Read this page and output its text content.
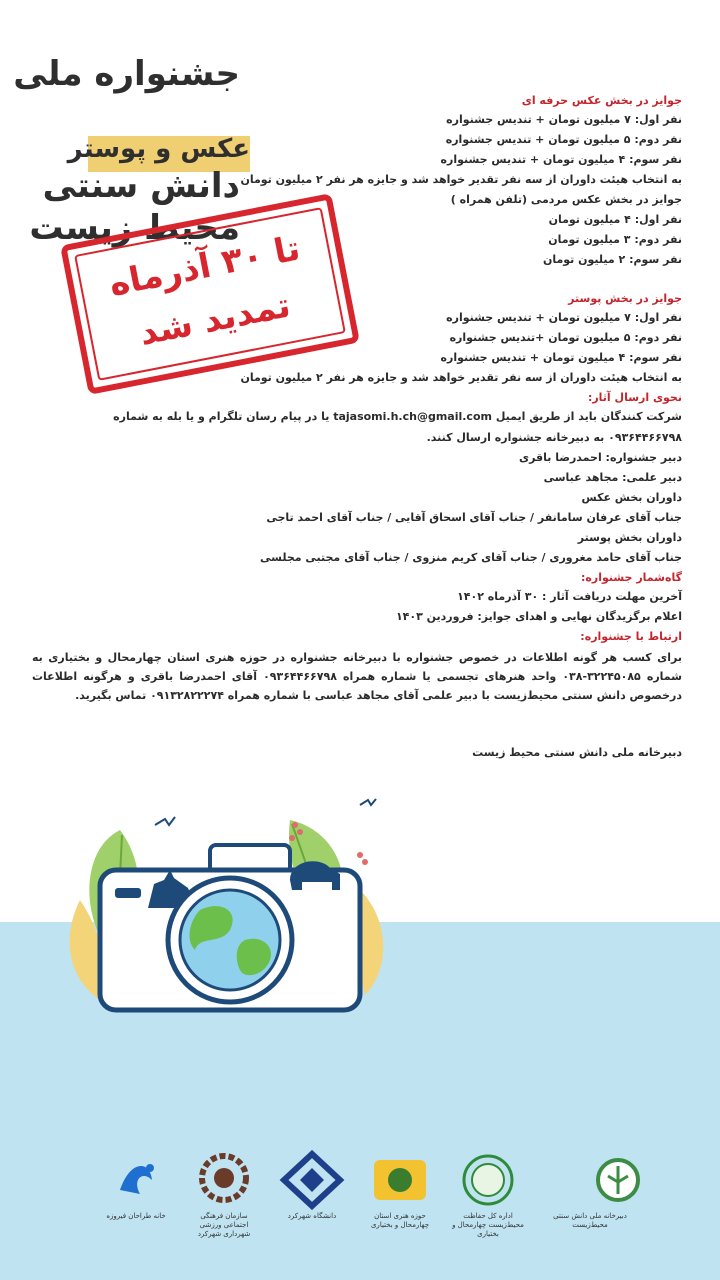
جشنواره ملی
عکس و پوستر
دانش سنتی
محیط زیست
تا ۳۰ آذرماه
تمدید شد
جوایز در بخش عکس حرفه ای
نفر اول: ۷ میلیون تومان + تندیس جشنواره
نفر دوم: ۵ میلیون تومان + تندیس جشنواره
نفر سوم: ۴ میلیون تومان + تندیس جشنواره
به انتخاب هیئت داوران از سه نفر تقدیر خواهد شد و جایزه هر نفر ۲ میلیون تومان
جوایز در بخش عکس مردمی (تلفن همراه )
نفر اول: ۴ میلیون تومان
نفر دوم: ۳ میلیون تومان
نفر سوم: ۲ میلیون تومان
جوایز در بخش پوستر
نفر اول: ۷ میلیون تومان + تندیس جشنواره
نفر دوم: ۵ میلیون تومان +تندیس جشنواره
نفر سوم: ۴ میلیون تومان + تندیس جشنواره
به انتخاب هیئت داوران از سه نفر تقدیر خواهد شد و جایزه هر نفر ۲ میلیون تومان
نحوی ارسال آثار:
شرکت کنندگان باید از طریق ایمیل tajasomi.h.ch@gmail.com یا در پیام رسان تلگرام و یا بله به شماره
۰۹۳۶۴۴۶۶۷۹۸ به دبیرخانه جشنواره ارسال کنند.
دبیر جشنواره: احمدرضا باقری
دبیر علمی: مجاهد عباسی
داوران بخش عکس
جناب آقای عرفان سامانفر / جناب آقای اسحاق آقایی / جناب آقای احمد تاجی
داوران بخش پوستر
جناب آقای حامد مغروری / جناب آقای کریم منزوی / جناب آقای مجتبی مجلسی
گاه‌شمار جشنواره:
آخرین مهلت دریافت آثار : ۳۰ آذرماه ۱۴۰۲
اعلام برگزیدگان نهایی و اهدای جوایز: فروردین ۱۴۰۳
ارتباط با جشنواره:
برای کسب هر گونه اطلاعات در خصوص جشنواره با دبیرخانه جشنواره در حوزه هنری استان چهارمحال و بختیاری به شماره ۳۲۲۴۵۰۸۵-۰۳۸ واحد هنرهای تجسمی یا شماره همراه ۰۹۳۶۴۴۶۶۷۹۸ آقای احمدرضا باقری و هرگونه اطلاعات درخصوص دانش سنتی محیط‌زیست با دبیر علمی آقای مجاهد عباسی با شماره همراه ۰۹۱۳۲۸۲۲۲۷۴ تماس بگیرید.
دبیرخانه ملی دانش سنتی محیط زیست
خانه طراحان فیروزه	سازمان فرهنگی اجتماعی ورزشی شهرداری شهرکرد
دانشگاه شهرکرد	حوزه هنری استان چهارمحال و بختیاری
اداره کل حفاظت محیط‌زیست چهارمحال و بختیاری
دبیرخانه ملی دانش سنتی محیط‌زیست
